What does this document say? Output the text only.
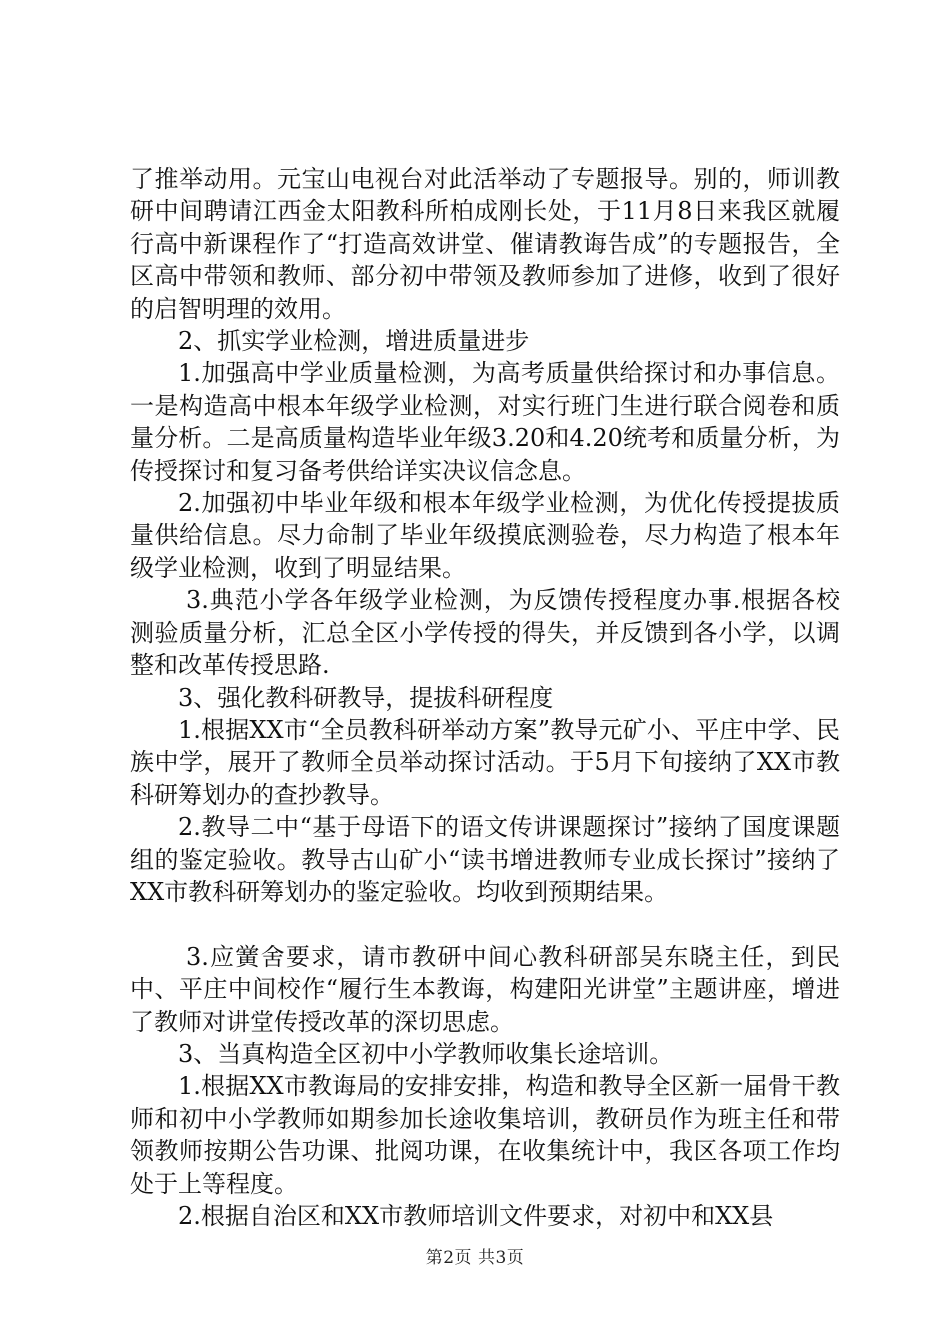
了推举动用。元宝山电视台对此活举动了专题报导。别的，师训教研中间聘请江西金太阳教科所柏成刚长处，于11月8日来我区就履行高中新课程作了“打造高效讲堂、催请教诲告成”的专题报告，全区高中带领和教师、部分初中带领及教师参加了进修，收到了很好的启智明理的效用。

2、抓实学业检测，增进质量进步

1.加强高中学业质量检测，为高考质量供给探讨和办事信息。一是构造高中根本年级学业检测，对实行班门生进行联合阅卷和质量分析。二是高质量构造毕业年级3.20和4.20统考和质量分析，为传授探讨和复习备考供给详实决议信念息。

2.加强初中毕业年级和根本年级学业检测，为优化传授提拔质量供给信息。尽力命制了毕业年级摸底测验卷，尽力构造了根本年级学业检测，收到了明显结果。

3.典范小学各年级学业检测，为反馈传授程度办事.根据各校测验质量分析，汇总全区小学传授的得失，并反馈到各小学，以调整和改革传授思路.

3、强化教科研教导，提拔科研程度

1.根据XX市“全员教科研举动方案”教导元矿小、平庄中学、民族中学，展开了教师全员举动探讨活动。于5月下旬接纳了XX市教科研筹划办的查抄教导。

2.教导二中“基于母语下的语文传讲课题探讨”接纳了国度课题组的鉴定验收。教导古山矿小“读书增进教师专业成长探讨”接纳了XX市教科研筹划办的鉴定验收。均收到预期结果。

3.应黉舍要求，请市教研中间心教科研部吴东晓主任，到民中、平庄中间校作“履行生本教诲，构建阳光讲堂”主题讲座，增进了教师对讲堂传授改革的深切思虑。

3、当真构造全区初中小学教师收集长途培训。

1.根据XX市教诲局的安排安排，构造和教导全区新一届骨干教师和初中小学教师如期参加长途收集培训，教研员作为班主任和带领教师按期公告功课、批阅功课，在收集统计中，我区各项工作均处于上等程度。

2.根据自治区和XX市教师培训文件要求，对初中和XX县

第2页 共3页
